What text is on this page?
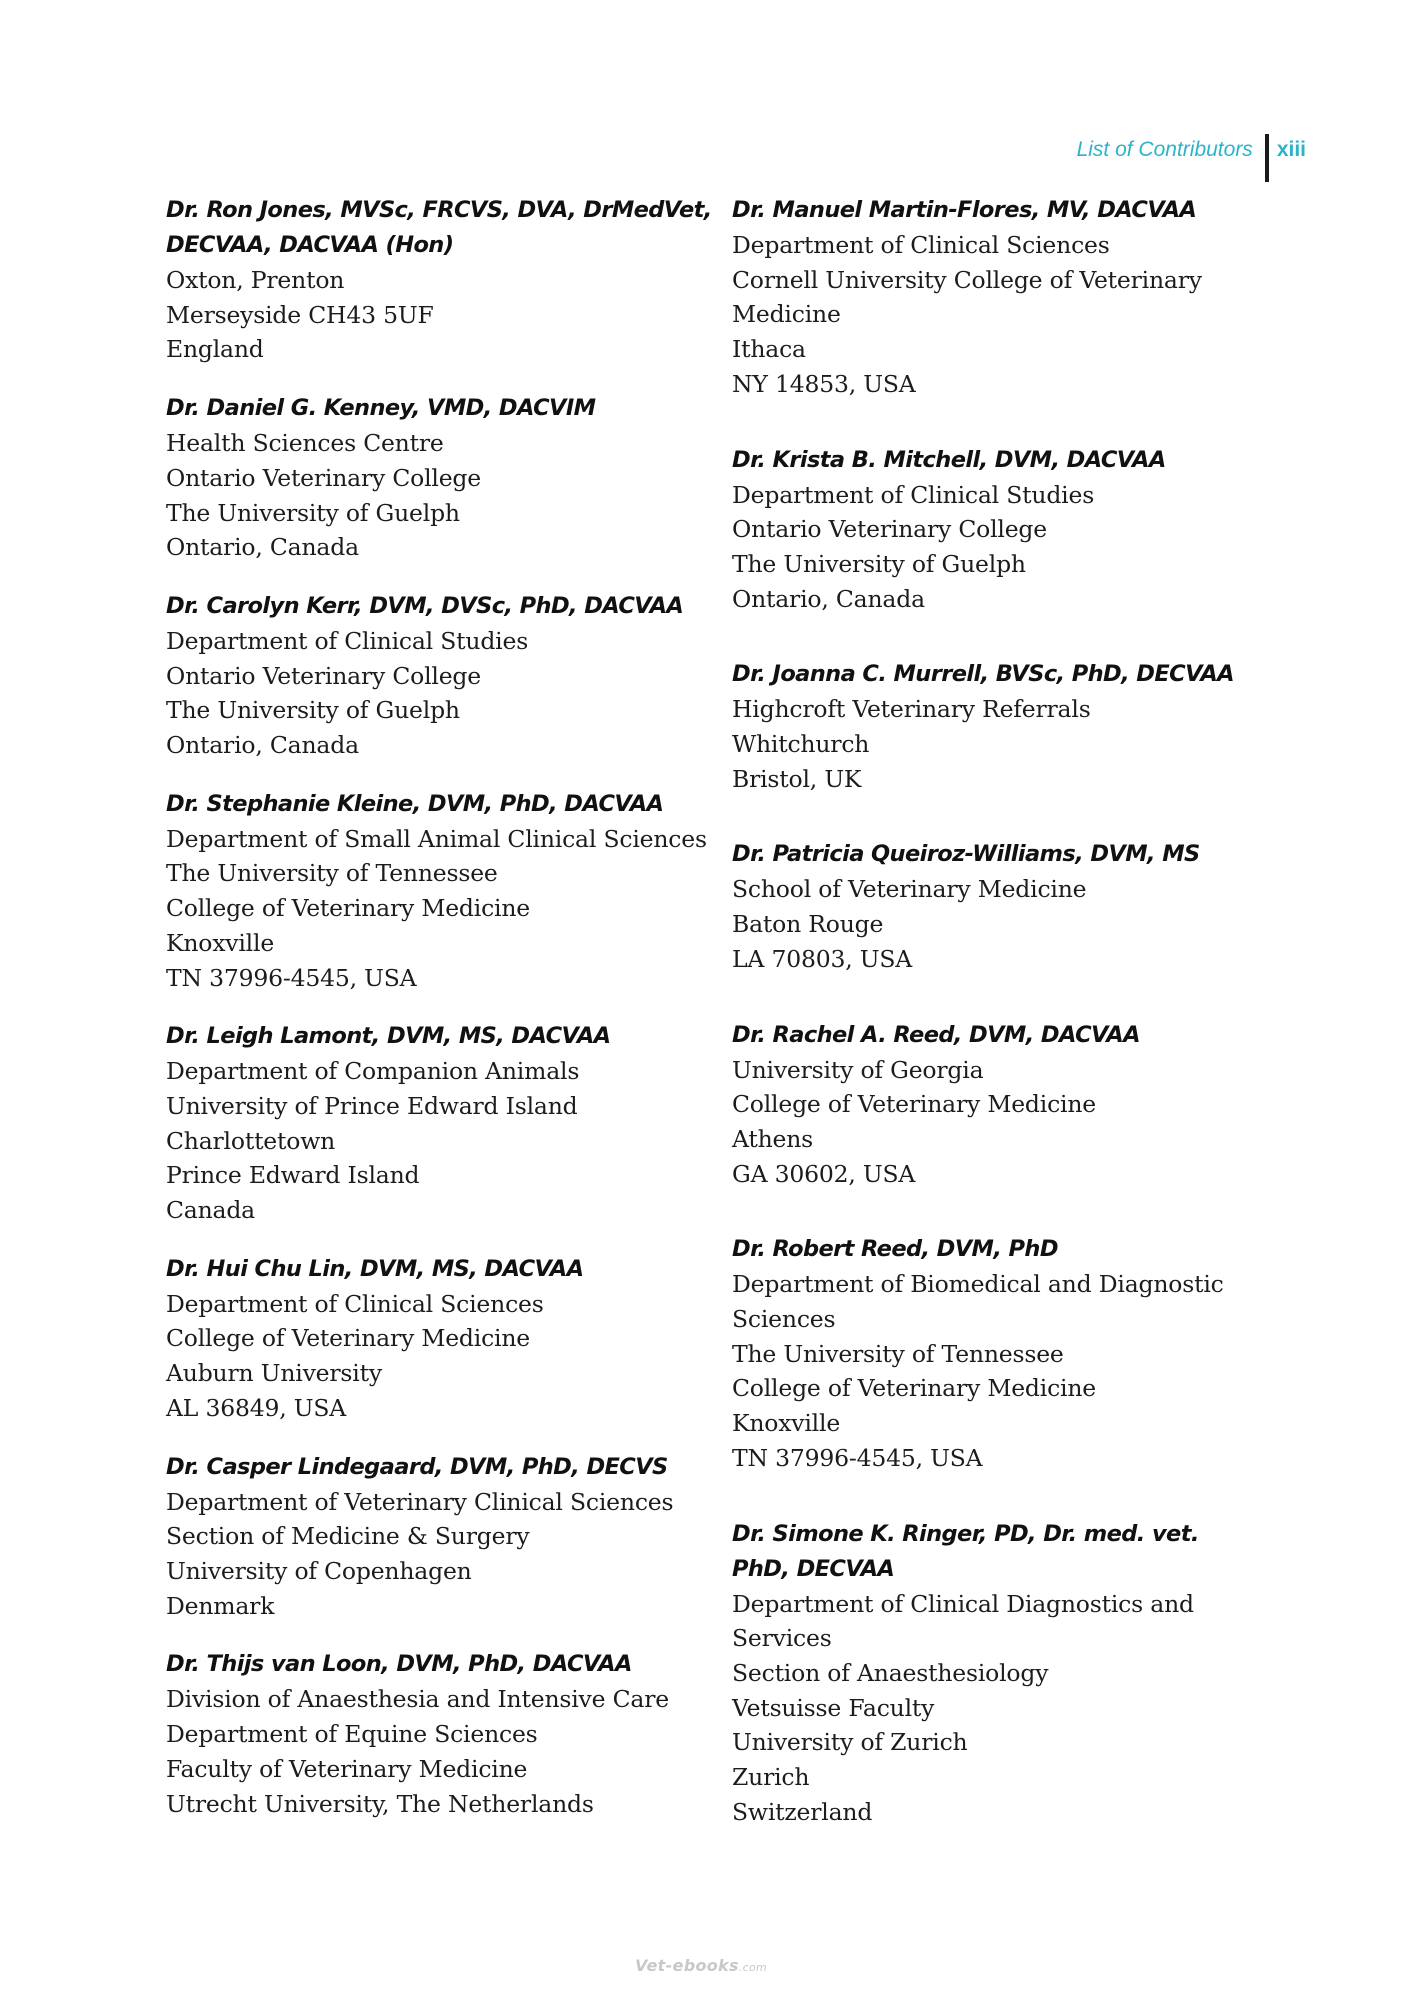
List of Contributors	xiii
Dr. Ron Jones, MVSc, FRCVS, DVA, DrMedVet,
DECVAA, DACVAA (Hon)
Oxton, Prenton
Merseyside CH43 5UF
England
Dr. Daniel G. Kenney, VMD, DACVIM
Health Sciences Centre
Ontario Veterinary College
The University of Guelph
Ontario, Canada
Dr. Carolyn Kerr, DVM, DVSc, PhD, DACVAA
Department of Clinical Studies
Ontario Veterinary College
The University of Guelph
Ontario, Canada
Dr. Stephanie Kleine, DVM, PhD, DACVAA
Department of Small Animal Clinical Sciences
The University of Tennessee
College of Veterinary Medicine
Knoxville
TN 37996-4545, USA
Dr. Leigh Lamont, DVM, MS, DACVAA
Department of Companion Animals
University of Prince Edward Island
Charlottetown
Prince Edward Island
Canada
Dr. Hui Chu Lin, DVM, MS, DACVAA
Department of Clinical Sciences
College of Veterinary Medicine
Auburn University
AL 36849, USA
Dr. Casper Lindegaard, DVM, PhD, DECVS
Department of Veterinary Clinical Sciences
Section of Medicine & Surgery
University of Copenhagen
Denmark
Dr. Thijs van Loon, DVM, PhD, DACVAA
Division of Anaesthesia and Intensive Care
Department of Equine Sciences
Faculty of Veterinary Medicine
Utrecht University, The Netherlands
Dr. Manuel Martin-Flores, MV, DACVAA
Department of Clinical Sciences
Cornell University College of Veterinary
Medicine
Ithaca
NY 14853, USA
Dr. Krista B. Mitchell, DVM, DACVAA
Department of Clinical Studies
Ontario Veterinary College
The University of Guelph
Ontario, Canada
Dr. Joanna C. Murrell, BVSc, PhD, DECVAA
Highcroft Veterinary Referrals
Whitchurch
Bristol, UK
Dr. Patricia Queiroz-Williams, DVM, MS
School of Veterinary Medicine
Baton Rouge
LA 70803, USA
Dr. Rachel A. Reed, DVM, DACVAA
University of Georgia
College of Veterinary Medicine
Athens
GA 30602, USA
Dr. Robert Reed, DVM, PhD
Department of Biomedical and Diagnostic
Sciences
The University of Tennessee
College of Veterinary Medicine
Knoxville
TN 37996-4545, USA
Dr. Simone K. Ringer, PD, Dr. med. vet.
PhD, DECVAA
Department of Clinical Diagnostics and
Services
Section of Anaesthesiology
Vetsuisse Faculty
University of Zurich
Zurich
Switzerland
Vet-ebooks.com
